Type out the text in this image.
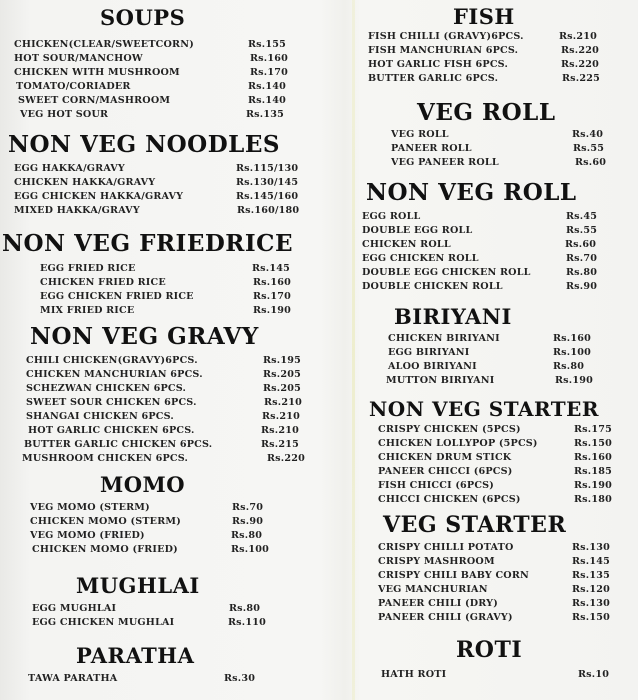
SOUPS
CHICKEN(CLEAR/SWEETCORN)	Rs.155
HOT SOUR/MANCHOW	Rs.160
CHICKEN WITH MUSHROOM	Rs.170
TOMATO/CORIADER	Rs.140
SWEET CORN/MASHROOM	Rs.140
VEG HOT SOUR	Rs.135
NON VEG NOODLES
EGG HAKKA/GRAVY	Rs.115/130
CHICKEN HAKKA/GRAVY	Rs.130/145
EGG CHICKEN HAKKA/GRAVY	Rs.145/160
MIXED HAKKA/GRAVY	Rs.160/180
NON VEG FRIEDRICE
EGG FRIED RICE	Rs.145
CHICKEN FRIED RICE	Rs.160
EGG CHICKEN FRIED RICE	Rs.170
MIX FRIED RICE	Rs.190
NON VEG GRAVY
CHILI CHICKEN(GRAVY)6PCS.	Rs.195
CHICKEN MANCHURIAN 6PCS.	Rs.205
SCHEZWAN CHICKEN 6PCS.	Rs.205
SWEET SOUR CHICKEN 6PCS.	Rs.210
SHANGAI CHICKEN 6PCS.	Rs.210
HOT GARLIC CHICKEN 6PCS.	Rs.210
BUTTER GARLIC CHICKEN 6PCS.	Rs.215
MUSHROOM CHICKEN 6PCS.	Rs.220
MOMO
VEG MOMO (STERM)	Rs.70
CHICKEN MOMO (STERM)	Rs.90
VEG MOMO (FRIED)	Rs.80
CHICKEN MOMO (FRIED)	Rs.100
MUGHLAI
EGG MUGHLAI	Rs.80
EGG CHICKEN MUGHLAI	Rs.110
PARATHA
TAWA PARATHA	Rs.30
FISH
FISH CHILLI (GRAVY)6PCS.	Rs.210
FISH MANCHURIAN 6PCS.	Rs.220
HOT GARLIC FISH 6PCS.	Rs.220
BUTTER GARLIC 6PCS.	Rs.225
VEG ROLL
VEG ROLL	Rs.40
PANEER ROLL	Rs.55
VEG PANEER ROLL	Rs.60
NON VEG ROLL
EGG ROLL	Rs.45
DOUBLE EGG ROLL	Rs.55
CHICKEN ROLL	Rs.60
EGG CHICKEN ROLL	Rs.70
DOUBLE EGG CHICKEN ROLL	Rs.80
DOUBLE CHICKEN ROLL	Rs.90
BIRIYANI
CHICKEN BIRIYANI	Rs.160
EGG BIRIYANI	Rs.100
ALOO BIRIYANI	Rs.80
MUTTON BIRIYANI	Rs.190
NON VEG STARTER
CRISPY CHICKEN (5PCS)	Rs.175
CHICKEN LOLLYPOP (5PCS)	Rs.150
CHICKEN DRUM STICK	Rs.160
PANEER CHICCI (6PCS)	Rs.185
FISH CHICCI (6PCS)	Rs.190
CHICCI CHICKEN (6PCS)	Rs.180
VEG STARTER
CRISPY CHILLI POTATO	Rs.130
CRISPY MASHROOM	Rs.145
CRISPY CHILI BABY CORN	Rs.135
VEG MANCHURIAN	Rs.120
PANEER CHILI (DRY)	Rs.130
PANEER CHILI (GRAVY)	Rs.150
ROTI
HATH ROTI	Rs.10
